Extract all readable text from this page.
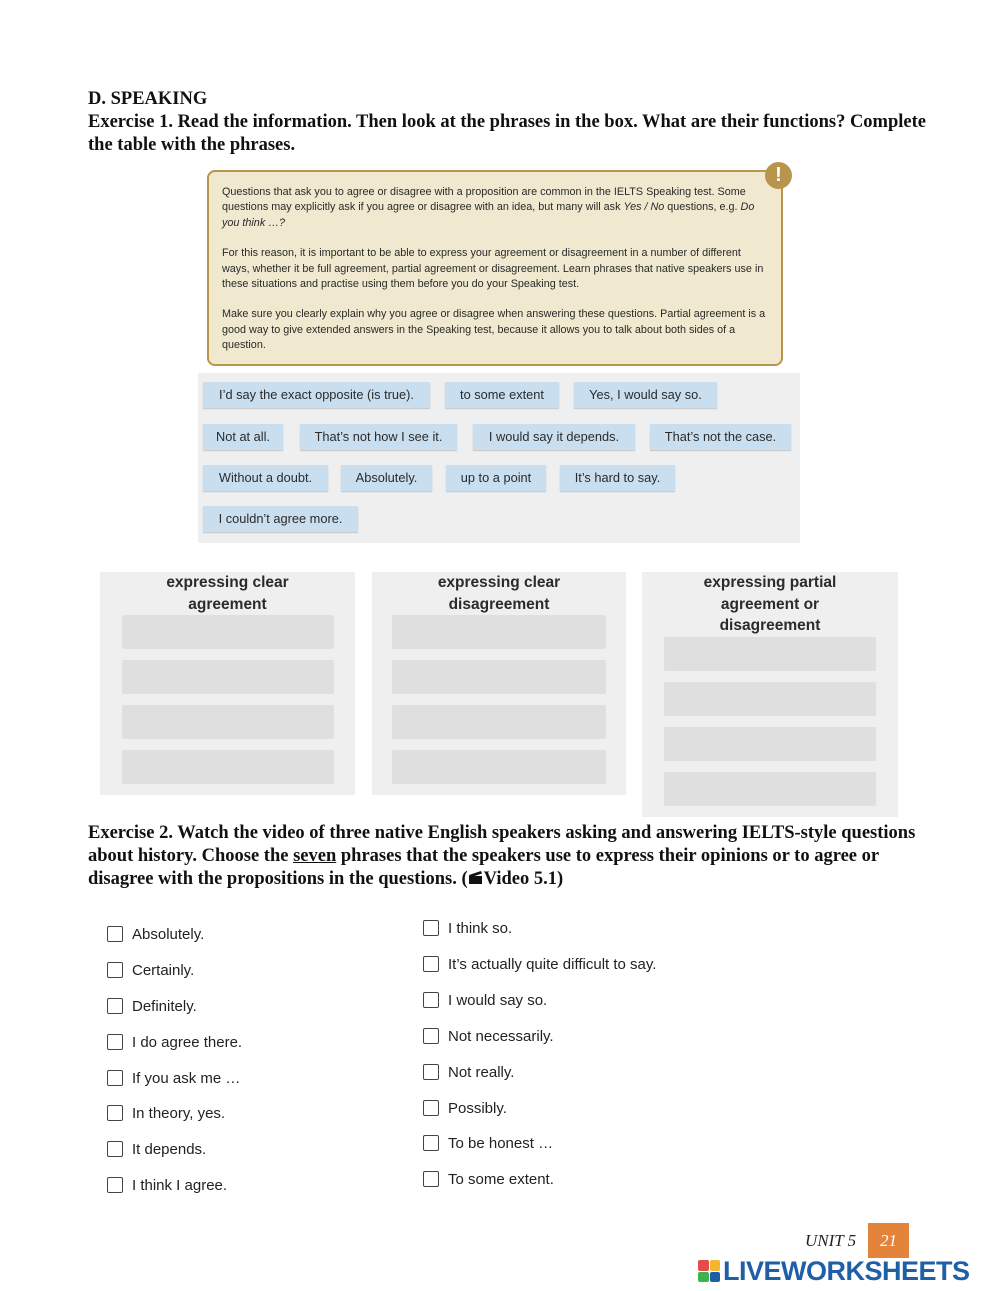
D. SPEAKING
Exercise 1. Read the information. Then look at the phrases in the box. What are their functions? Complete the table with the phrases.

Questions that ask you to agree or disagree with a proposition are common in the IELTS Speaking test. Some questions may explicitly ask if you agree or disagree with an idea, but many will ask Yes / No questions, e.g. Do you think …?

For this reason, it is important to be able to express your agreement or disagreement in a number of different ways, whether it be full agreement, partial agreement or disagreement. Learn phrases that native speakers use in these situations and practise using them before you do your Speaking test.

Make sure you clearly explain why you agree or disagree when answering these questions. Partial agreement is a good way to give extended answers in the Speaking test, because it allows you to talk about both sides of a question.

!
I’d say the exact opposite (is true).	to some extent	Yes, I would say so.
Not at all.	That’s not how I see it.	I would say it depends.	That’s not the case.
Without a doubt.	Absolutely.	up to a point	It’s hard to say.
I couldn’t agree more.
expressing clear
agreement
expressing clear
disagreement
expressing partial
agreement or
disagreement
Exercise 2. Watch the video of three native English speakers asking and answering IELTS-style questions about history. Choose the seven phrases that the speakers use to express their opinions or to agree or disagree with the propositions in the questions. ( Video 5.1)
Absolutely.
Certainly.
Definitely.
I do agree there.
If you ask me …
In theory, yes.
It depends.
I think I agree.
I think so.
It’s actually quite difficult to say.
I would say so.
Not necessarily.
Not really.
Possibly.
To be honest …
To some extent.
UNIT 5	21
LIVEWORKSHEETS
